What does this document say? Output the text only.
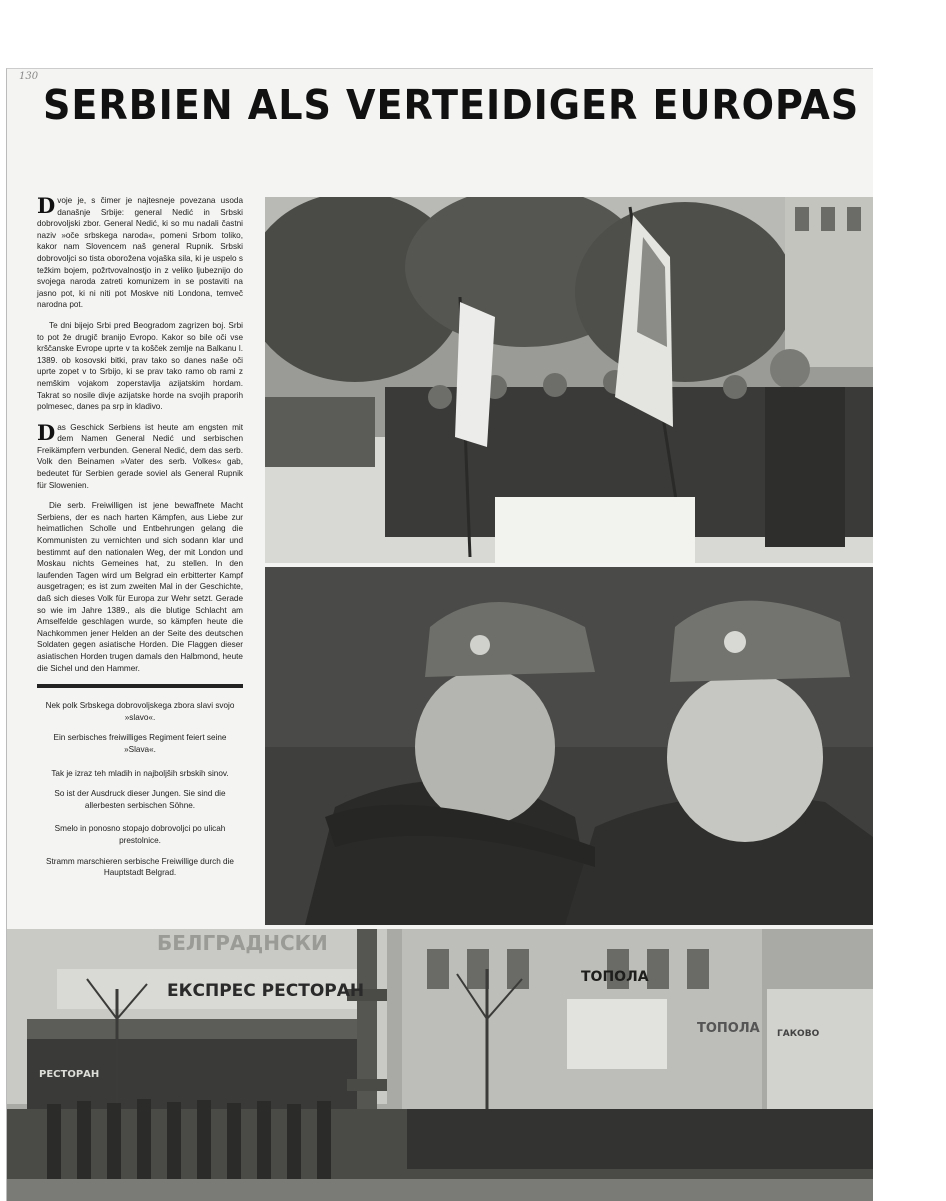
130
SERBIEN ALS VERTEIDIGER EUROPAS

Dvoje je, s čimer je najtesneje povezana usoda današnje Srbije: general Nedić in Srbski dobrovoljski zbor. General Nedić, ki so mu nadali častni naziv »oče srbskega naroda«, pomeni Srbom toliko, kakor nam Slovencem naš general Rupnik. Srbski dobrovoljci so tista oborožena vojaška sila, ki je uspelo s težkim bojem, požrtvovalnostjo in z veliko ljubeznijo do svojega naroda zatreti komunizem in se postaviti na jasno pot, ki ni niti pot Moskve niti Londona, temveč narodna pot.

Te dni bijejo Srbi pred Beogradom zagrizen boj. Srbi to pot že drugič branijo Evropo. Kakor so bile oči vse krščanske Evrope uprte v ta košček zemlje na Balkanu l. 1389. ob kosovski bitki, prav tako so danes naše oči uprte zopet v to Srbijo, ki se prav tako ramo ob rami z nemškim vojakom zoperstavlja azijatskim hordam. Takrat so nosile divje azijatske horde na svojih praporih polmesec, danes pa srp in kladivo.

Das Geschick Serbiens ist heute am engsten mit dem Namen General Nedić und serbischen Freikämpfern verbunden. General Nedić, dem das serb. Volk den Beinamen »Vater des serb. Volkes« gab, bedeutet für Serbien gerade soviel als General Rupnik für Slowenien.

Die serb. Freiwilligen ist jene bewaffnete Macht Serbiens, der es nach harten Kämpfen, aus Liebe zur heimatlichen Scholle und Entbehrungen gelang die Kommunisten zu vernichten und sich sodann klar und bestimmt auf den nationalen Weg, der mit London und Moskau nichts Gemeines hat, zu stellen. In den laufenden Tagen wird um Belgrad ein erbitterter Kampf ausgetragen; es ist zum zweiten Mal in der Geschichte, daß sich dieses Volk für Europa zur Wehr setzt. Gerade so wie im Jahre 1389., als die blutige Schlacht am Amselfelde geschlagen wurde, so kämpfen heute die Nachkommen jener Helden an der Seite des deutschen Soldaten gegen asiatische Horden. Die Flaggen dieser asiatischen Horden trugen damals den Halbmond, heute die Sichel und den Hammer.

Nek polk Srbskega dobrovoljskega zbora slavi svojo »slavo«.

Ein serbisches freiwilliges Regiment feiert seine »Slava«.

Tak je izraz teh mladih in najboljših srbskih sinov.

So ist der Ausdruck dieser Jungen. Sie sind die allerbesten serbischen Söhne.

Smelo in ponosno stopajo dobrovoljci po ulicah prestolnice.

Stramm marschieren serbische Freiwillige durch die Hauptstadt Belgrad.

БЕЛГРАДНСКИ
ЕКСПРЕС РЕСТОРАН
РЕСТОРАН
ТОПОЛА
ТОПОЛА ГАКОВО
